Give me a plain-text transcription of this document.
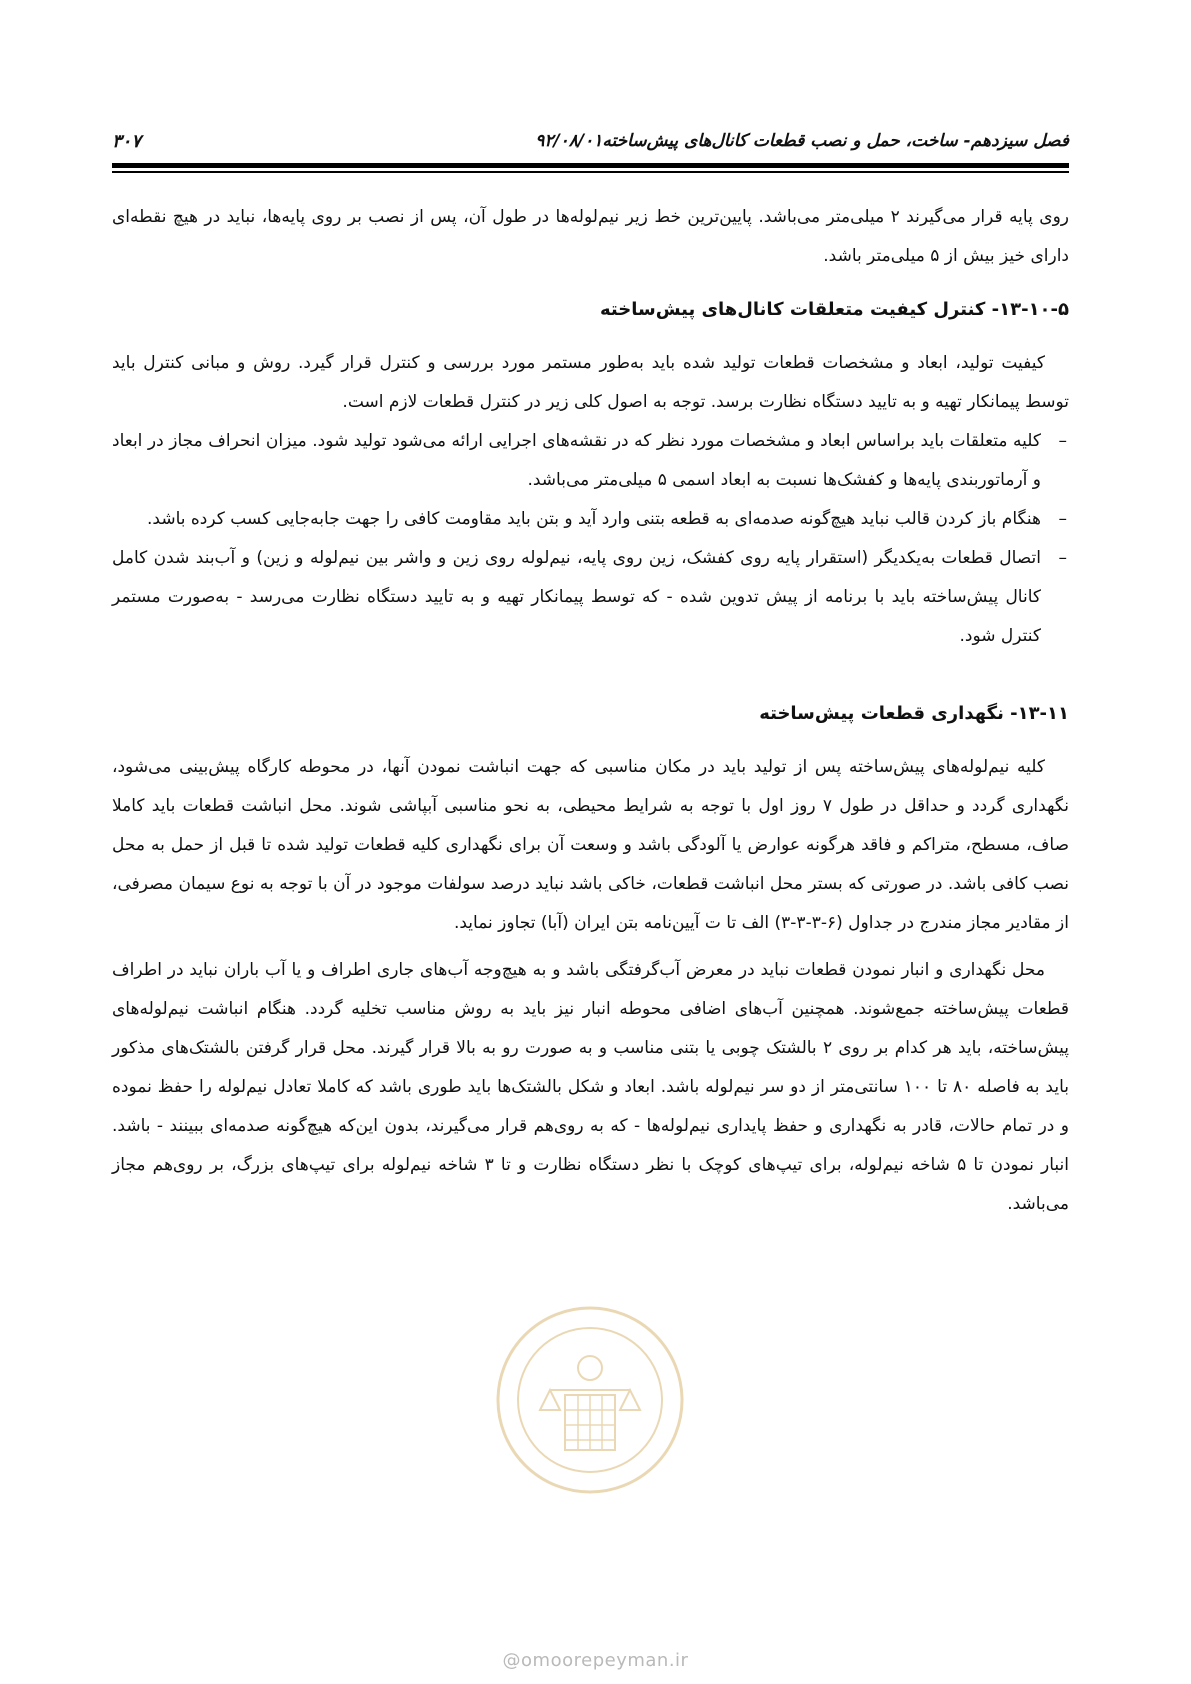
فصل سیزدهم- ساخت، حمل و نصب قطعات کانال‌های پیش‌ساخته۹۲/۰۸/۰۱
۳۰۷

روی پایه قرار می‌گیرند ۲ میلی‌متر می‌باشد. پایین‌ترین خط زیر نیم‌لوله‌ها در طول آن، پس از نصب بر روی پایه‌ها، نباید در هیچ نقطه‌ای دارای خیز بیش از ۵ میلی‌متر باشد.

۱۳-۱۰-۵- کنترل کیفیت متعلقات کانال‌های پیش‌ساخته

کیفیت تولید، ابعاد و مشخصات قطعات تولید شده باید به‌طور مستمر مورد بررسی و کنترل قرار گیرد. روش و مبانی کنترل باید توسط پیمانکار تهیه و به تایید دستگاه نظارت برسد. توجه به اصول کلی زیر در کنترل قطعات لازم است.

–
کلیه متعلقات باید براساس ابعاد و مشخصات مورد نظر که در نقشه‌های اجرایی ارائه می‌شود تولید شود. میزان انحراف مجاز در ابعاد و آرماتوربندی پایه‌ها و کفشک‌ها نسبت به ابعاد اسمی ۵ میلی‌متر می‌باشد.
–
هنگام باز کردن قالب نباید هیچ‌گونه صدمه‌ای به قطعه بتنی وارد آید و بتن باید مقاومت کافی را جهت جابه‌جایی کسب کرده باشد.
–
اتصال قطعات به‌یکدیگر (استقرار پایه روی کفشک، زین روی پایه، نیم‌لوله روی زین و واشر بین نیم‌لوله و زین) و آب‌بند شدن کامل کانال پیش‌ساخته باید با برنامه از پیش تدوین شده - که توسط پیمانکار تهیه و به تایید دستگاه نظارت می‌رسد - به‌صورت مستمر کنترل شود.
۱۳-۱۱- نگهداری قطعات پیش‌ساخته

کلیه نیم‌لوله‌های پیش‌ساخته پس از تولید باید در مکان مناسبی که جهت انباشت نمودن آنها، در محوطه کارگاه پیش‌بینی می‌شود، نگهداری گردد و حداقل در طول ۷ روز اول با توجه به شرایط محیطی، به نحو مناسبی آبپاشی شوند. محل انباشت قطعات باید کاملا صاف، مسطح، متراکم و فاقد هرگونه عوارض یا آلودگی باشد و وسعت آن برای نگهداری کلیه قطعات تولید شده تا قبل از حمل به محل نصب کافی باشد. در صورتی که بستر محل انباشت قطعات، خاکی باشد نباید درصد سولفات موجود در آن با توجه به نوع سیمان مصرفی، از مقادیر مجاز مندرج در جداول (۶-۳-۳-۳) الف تا ت آیین‌نامه بتن ایران (آبا) تجاوز نماید.

محل نگهداری و انبار نمودن قطعات نباید در معرض آب‌گرفتگی باشد و به هیچ‌وجه آب‌های جاری اطراف و یا آب باران نباید در اطراف قطعات پیش‌ساخته جمع‌شوند. همچنین آب‌های اضافی محوطه انبار نیز باید به روش مناسب تخلیه گردد. هنگام انباشت نیم‌لوله‌های پیش‌ساخته، باید هر کدام بر روی ۲ بالشتک چوبی یا بتنی مناسب و به صورت رو به بالا قرار گیرند. محل قرار گرفتن بالشتک‌های مذکور باید به فاصله ۸۰ تا ۱۰۰ سانتی‌متر از دو سر نیم‌لوله باشد. ابعاد و شکل بالشتک‌ها باید طوری باشد که کاملا تعادل نیم‌لوله را حفظ نموده و در تمام حالات، قادر به نگهداری و حفظ پایداری نیم‌لوله‌ها - که به روی‌هم قرار می‌گیرند، بدون این‌که هیچ‌گونه صدمه‌ای ببینند - باشد. انبار نمودن تا ۵ شاخه نیم‌لوله، برای تیپ‌های کوچک با نظر دستگاه نظارت و تا ۳ شاخه نیم‌لوله برای تیپ‌های بزرگ، بر روی‌هم مجاز می‌باشد.

@omoorepeyman.ir
